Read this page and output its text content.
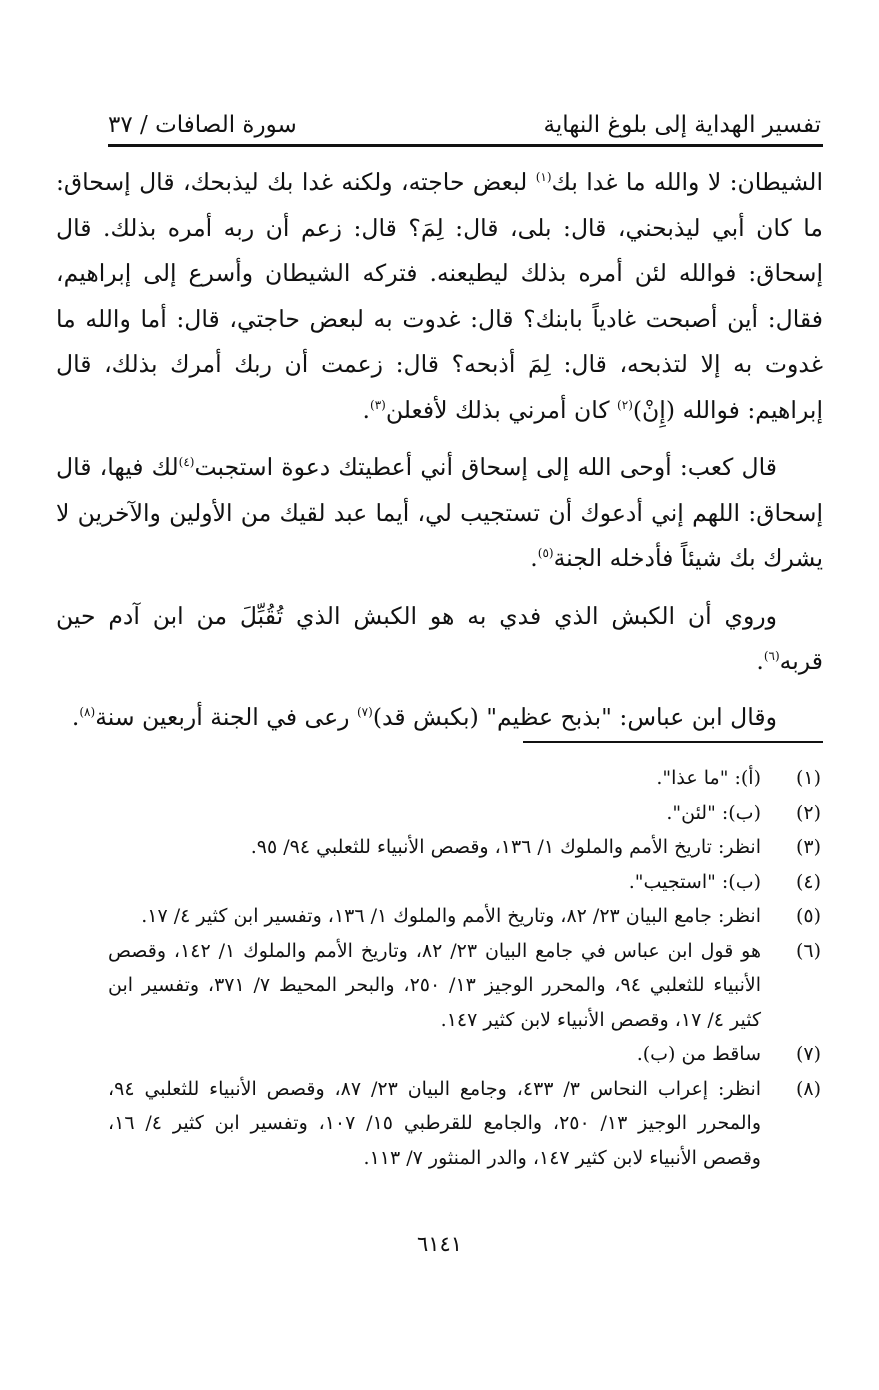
تفسير الهداية إلى بلوغ النهاية
سورة الصافات / ٣٧

الشيطان: لا والله ما غدا بك$^{(١)}$ لبعض حاجته، ولكنه غدا بك ليذبحك، قال إسحاق: ما كان أبي ليذبحني، قال: بلى، قال: لِمَ؟ قال: زعم أن ربه أمره بذلك. قال إسحاق: فوالله لئن أمره بذلك ليطيعنه. فتركه الشيطان وأسرع إلى إبراهيم، فقال: أين أصبحت غادياً بابنك؟ قال: غدوت به لبعض حاجتي، قال: أما والله ما غدوت به إلا لتذبحه، قال: لِمَ أذبحه؟ قال: زعمت أن ربك أمرك بذلك، قال إبراهيم: فوالله (إِنْ)$^{(٢)}$ كان أمرني بذلك لأفعلن$^{(٣)}$.

قال كعب: أوحى الله إلى إسحاق أني أعطيتك دعوة استجبت$^{(٤)}$لك فيها، قال إسحاق: اللهم إني أدعوك أن تستجيب لي، أيما عبد لقيك من الأولين والآخرين لا يشرك بك شيئاً فأدخله الجنة$^{(٥)}$.

وروي أن الكبش الذي فدي به هو الكبش الذي تُقُبِّلَ من ابن آدم حين قربه$^{(٦)}$.

وقال ابن عباس: "بذبح عظيم" (بكبش قد)$^{(٧)}$ رعى في الجنة أربعين سنة$^{(٨)}$.

(١)
(أ): "ما عذا".
(٢)
(ب): "لئن".
(٣)
انظر: تاريخ الأمم والملوك ١/ ١٣٦، وقصص الأنبياء للثعلبي ٩٤/ ٩٥.
(٤)
(ب): "استجيب".
(٥)
انظر: جامع البيان ٢٣/ ٨٢، وتاريخ الأمم والملوك ١/ ١٣٦، وتفسير ابن كثير ٤/ ١٧.
(٦)
هو قول ابن عباس في جامع البيان ٢٣/ ٨٢، وتاريخ الأمم والملوك ١/ ١٤٢، وقصص الأنبياء للثعلبي ٩٤، والمحرر الوجيز ١٣/ ٢٥٠، والبحر المحيط ٧/ ٣٧١، وتفسير ابن كثير ٤/ ١٧، وقصص الأنبياء لابن كثير ١٤٧.
(٧)
ساقط من (ب).
(٨)
انظر: إعراب النحاس ٣/ ٤٣٣، وجامع البيان ٢٣/ ٨٧، وقصص الأنبياء للثعلبي ٩٤، والمحرر الوجيز ١٣/ ٢٥٠، والجامع للقرطبي ١٥/ ١٠٧، وتفسير ابن كثير ٤/ ١٦، وقصص الأنبياء لابن كثير ١٤٧، والدر المنثور ٧/ ١١٣.
٦١٤١
